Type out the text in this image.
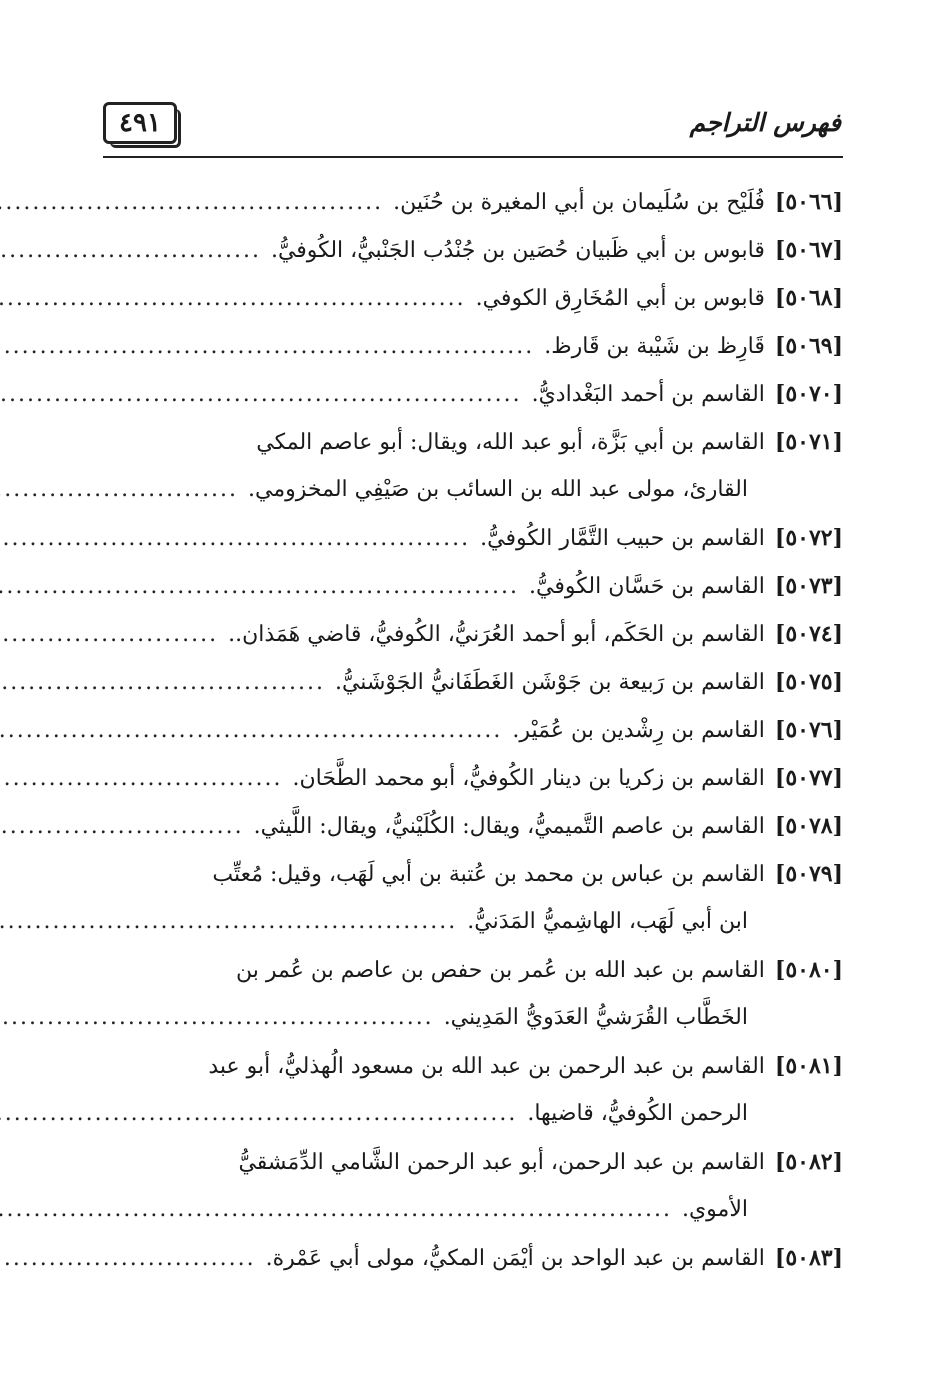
٤٩١	فهرس التراجم
[٥٠٦٦]
فُلَيْح بن سُلَيمان بن أبي المغيرة بن حُنَين.
.....
[٥٠٦٧]
قابوس بن أبي ظَبيان حُصَين بن جُنْدُب الجَنْبيُّ، الكُوفيُّ.
.....
[٥٠٦٨]
قابوس بن أبي المُخَارِق الكوفي.
.....
[٥٠٦٩]
قَارِظ بن شَيْبة بن قَارظ.
.....
[٥٠٧٠]
القاسم بن أحمد البَغْداديُّ.
.....
[٥٠٧١]
القاسم بن أبي بَزَّة، أبو عبد الله، ويقال: أبو عاصم المكي
القارئ، مولى عبد الله بن السائب بن صَيْفِي المخزومي.
.....
[٥٠٧٢]
القاسم بن حبيب التَّمَّار الكُوفيُّ.
.....
[٥٠٧٣]
القاسم بن حَسَّان الكُوفيُّ.
.....
[٥٠٧٤]
القاسم بن الحَكَم، أبو أحمد العُرَنيُّ، الكُوفيُّ، قاضي هَمَذان..
.....
[٥٠٧٥]
القاسم بن رَبيعة بن جَوْشَن الغَطَفَانيُّ الجَوْشَنيُّ.
.....
[٥٠٧٦]
القاسم بن رِشْدين بن عُمَيْر.
.....
[٥٠٧٧]
القاسم بن زكريا بن دينار الكُوفيُّ، أبو محمد الطَّحَان.
.....
[٥٠٧٨]
القاسم بن عاصم التَّميميُّ، ويقال: الكُلَيْنيُّ، ويقال: اللَّيثي.
.....
[٥٠٧٩]
القاسم بن عباس بن محمد بن عُتبة بن أبي لَهَب، وقيل: مُعتِّب
ابن أبي لَهَب، الهاشِميُّ المَدَنيُّ.
.....
[٥٠٨٠]
القاسم بن عبد الله بن عُمر بن حفص بن عاصم بن عُمر بن
الخَطَّاب القُرَشيُّ العَدَويُّ المَدِيني.
.....
[٥٠٨١]
القاسم بن عبد الرحمن بن عبد الله بن مسعود الُهذليُّ، أبو عبد
الرحمن الكُوفيُّ، قاضيها.
.....
[٥٠٨٢]
القاسم بن عبد الرحمن، أبو عبد الرحمن الشَّامي الدِّمَشقيُّ
الأموي.
.....
[٥٠٨٣]
القاسم بن عبد الواحد بن أيْمَن المكيُّ، مولى أبي عَمْرة.
.....
